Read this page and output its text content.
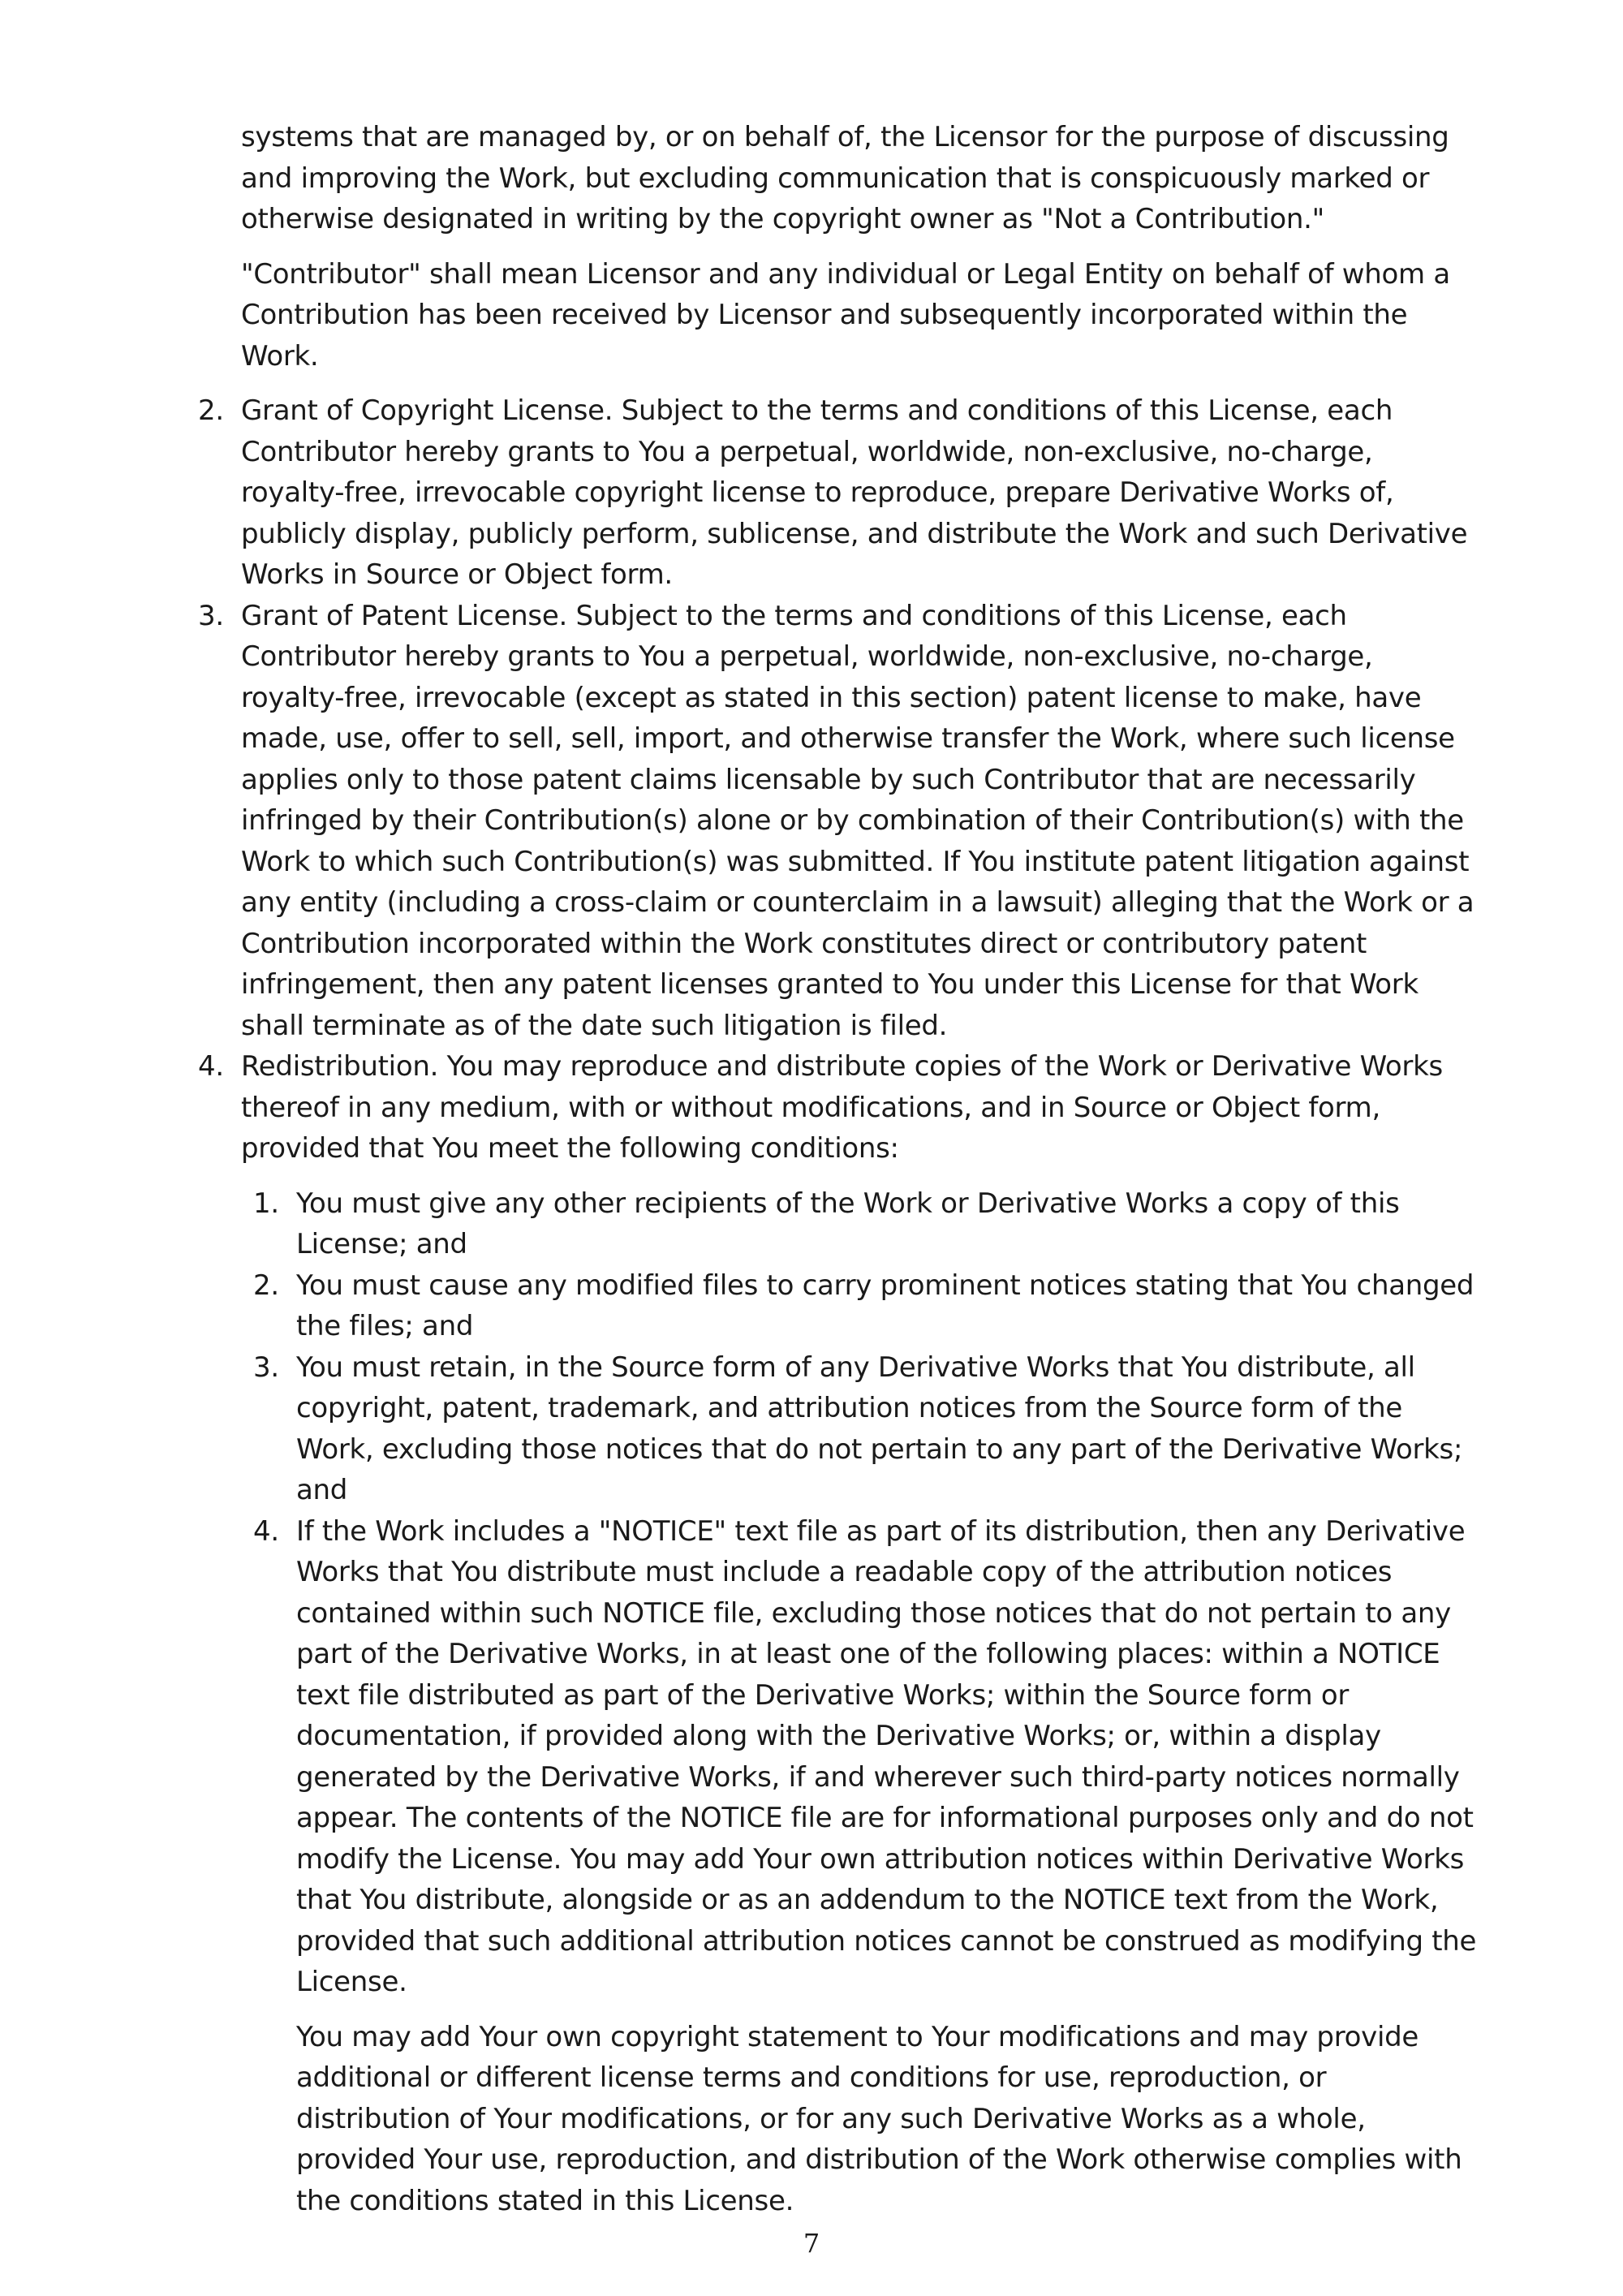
systems that are managed by, or on behalf of, the Licensor for the purpose of discussing and improving the Work, but excluding communication that is conspicuously marked or otherwise designated in writing by the copyright owner as "Not a Contribution."

"Contributor" shall mean Licensor and any individual or Legal Entity on behalf of whom a Contribution has been received by Licensor and subsequently incorporated within the Work.

2. Grant of Copyright License. Subject to the terms and conditions of this License, each Contributor hereby grants to You a perpetual, worldwide, non-exclusive, no-charge, royalty-free, irrevocable copyright license to reproduce, prepare Derivative Works of, publicly display, publicly perform, sublicense, and distribute the Work and such Derivative Works in Source or Object form.
3. Grant of Patent License. Subject to the terms and conditions of this License, each Contributor hereby grants to You a perpetual, worldwide, non-exclusive, no-charge, royalty-free, irrevocable (except as stated in this section) patent license to make, have made, use, offer to sell, sell, import, and otherwise transfer the Work, where such license applies only to those patent claims licensable by such Contributor that are necessarily infringed by their Contribution(s) alone or by combination of their Contribution(s) with the Work to which such Contribution(s) was submitted. If You institute patent litigation against any entity (including a cross-claim or counterclaim in a lawsuit) alleging that the Work or a Contribution incorporated within the Work constitutes direct or contributory patent infringement, then any patent licenses granted to You under this License for that Work shall terminate as of the date such litigation is filed.
4. Redistribution. You may reproduce and distribute copies of the Work or Derivative Works thereof in any medium, with or without modifications, and in Source or Object form, provided that You meet the following conditions:
1. You must give any other recipients of the Work or Derivative Works a copy of this License; and
2. You must cause any modified files to carry prominent notices stating that You changed the files; and
3. You must retain, in the Source form of any Derivative Works that You distribute, all copyright, patent, trademark, and attribution notices from the Source form of the Work, excluding those notices that do not pertain to any part of the Derivative Works; and
4. If the Work includes a "NOTICE" text file as part of its distribution, then any Derivative Works that You distribute must include a readable copy of the attribution notices contained within such NOTICE file, excluding those notices that do not pertain to any part of the Derivative Works, in at least one of the following places: within a NOTICE text file distributed as part of the Derivative Works; within the Source form or documentation, if provided along with the Derivative Works; or, within a display generated by the Derivative Works, if and wherever such third-party notices normally appear. The contents of the NOTICE file are for informational purposes only and do not modify the License. You may add Your own attribution notices within Derivative Works that You distribute, alongside or as an addendum to the NOTICE text from the Work, provided that such additional attribution notices cannot be construed as modifying the License.

You may add Your own copyright statement to Your modifications and may provide additional or different license terms and conditions for use, reproduction, or distribution of Your modifications, or for any such Derivative Works as a whole, provided Your use, reproduction, and distribution of the Work otherwise complies with the conditions stated in this License.

7
